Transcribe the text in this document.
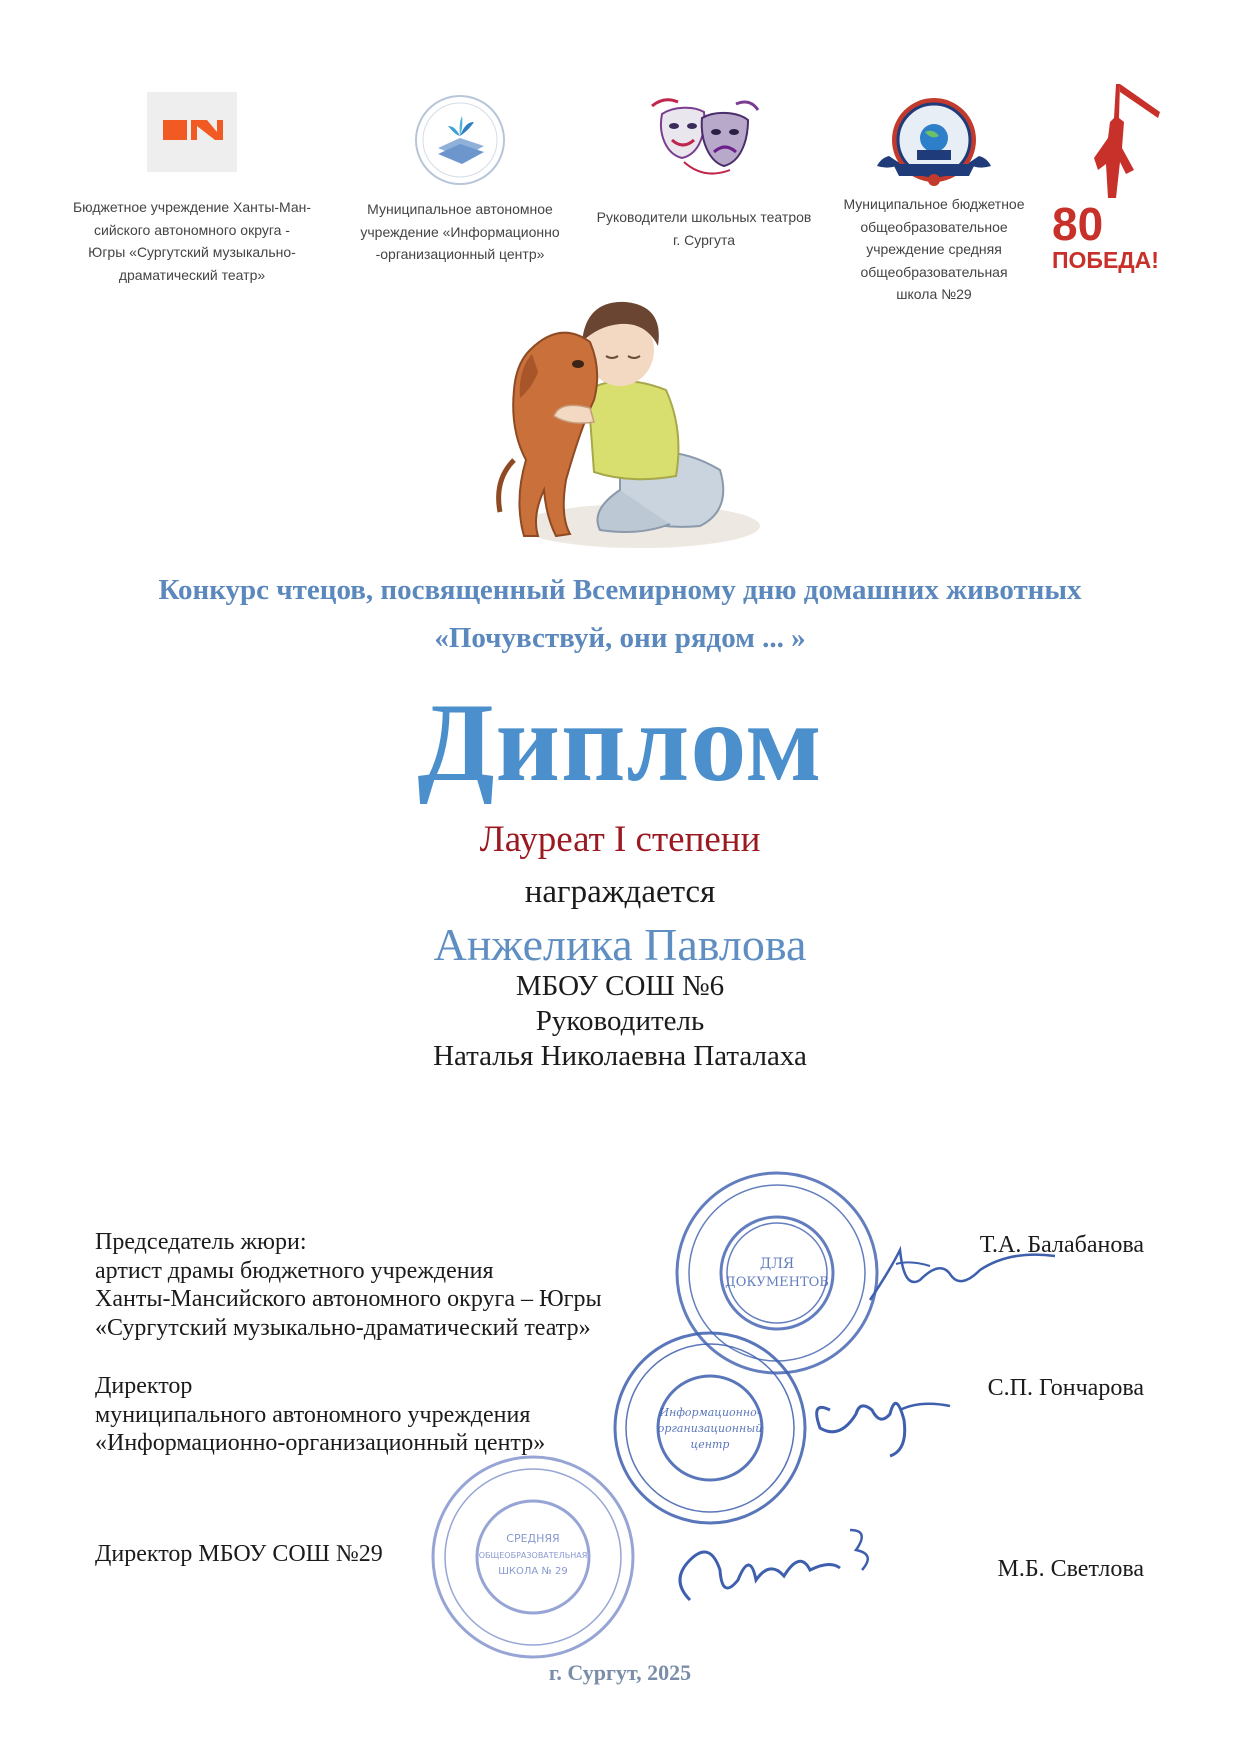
Бюджетное учреждение Ханты-Ман-
сийского автономного округа -
Югры «Сургутский музыкально-
драматический театр»
Муниципальное автономное
учреждение «Информационно
-организационный центр»
Руководители школьных театров
г. Сургута
Муниципальное бюджетное
общеобразовательное
учреждение средняя
общеобразовательная
школа №29
80
ПОБЕДА!
Конкурс чтецов, посвященный Всемирному дню домашних животных
«Почувствуй, они рядом ... »
Диплом
Лауреат I степени
награждается
Анжелика Павлова
МБОУ СОШ №6
Руководитель
Наталья Николаевна Паталаха
ДЛЯ
ДОКУМЕНТОВ
Информационно-
организационный
центр
СРЕДНЯЯ
ОБЩЕОБРАЗОВАТЕЛЬНАЯ
ШКОЛА № 29
Председатель жюри:
артист драмы бюджетного учреждения
Ханты-Мансийского автономного округа – Югры
«Сургутский музыкально-драматический театр»
Т.А. Балабанова
Директор
муниципального автономного учреждения
«Информационно-организационный центр»
С.П. Гончарова
Директор МБОУ СОШ №29
М.Б. Светлова
г. Сургут, 2025
